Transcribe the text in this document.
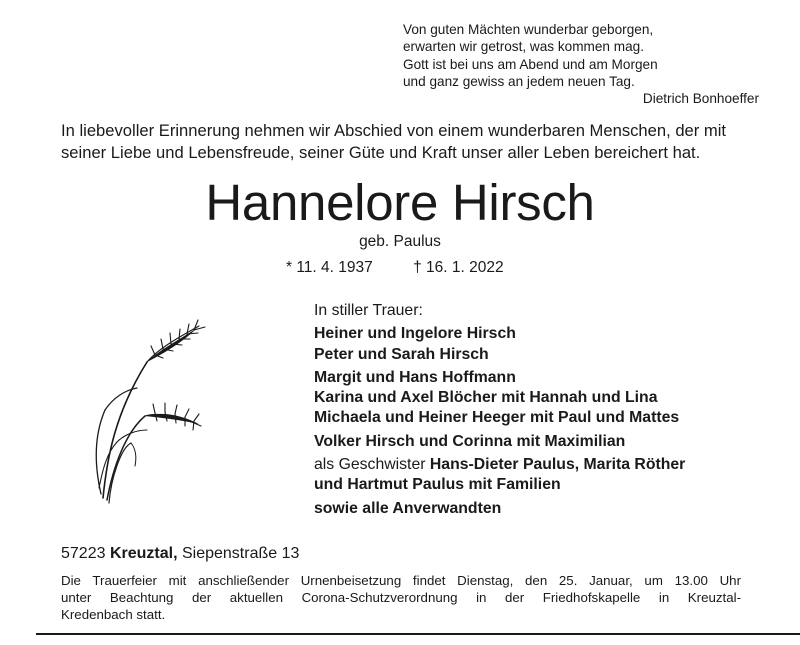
Von guten Mächten wunderbar geborgen,
erwarten wir getrost, was kommen mag.
Gott ist bei uns am Abend und am Morgen
und ganz gewiss an jedem neuen Tag.
Dietrich Bonhoeffer
In liebevoller Erinnerung nehmen wir Abschied von einem wunderbaren Menschen, der mit seiner Liebe und Lebensfreude, seiner Güte und Kraft unser aller Leben bereichert hat.
Hannelore Hirsch
geb. Paulus
* 11. 4. 1937	† 16. 1. 2022
In stiller Trauer:
Heiner und Ingelore Hirsch
Peter und Sarah Hirsch
Margit und Hans Hoffmann
Karina und Axel Blöcher mit Hannah und Lina
Michaela und Heiner Heeger mit Paul und Mattes
Volker Hirsch und Corinna mit Maximilian
als Geschwister Hans-Dieter Paulus, Marita Röther
und Hartmut Paulus mit Familien
sowie alle Anverwandten
57223 Kreuztal, Siepenstraße 13
Die Trauerfeier mit anschließender Urnenbeisetzung findet Dienstag, den 25. Januar, um 13.00 Uhr
unter Beachtung der aktuellen Corona-Schutzverordnung in der Friedhofskapelle in Kreuztal-
Kredenbach statt.
